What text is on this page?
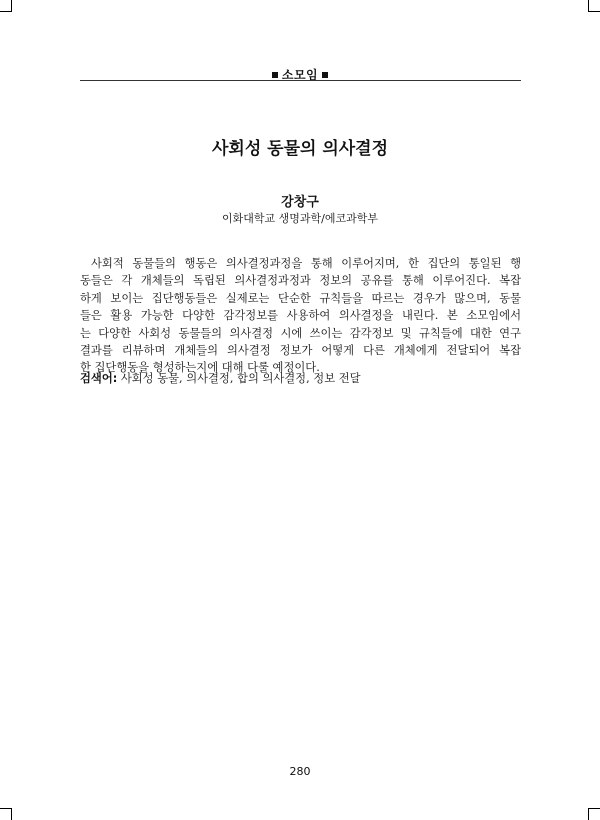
소모임
사회성 동물의 의사결정
강창구
이화대학교 생명과학/에코과학부
사회적 동물들의 행동은 의사결정과정을 통해 이루어지며, 한 집단의 통일된 행
동들은 각 개체들의 독립된 의사결정과정과 정보의 공유를 통해 이루어진다. 복잡
하게 보이는 집단행동들은 실제로는 단순한 규칙들을 따르는 경우가 많으며, 동물
들은 활용 가능한 다양한 감각정보를 사용하여 의사결정을 내린다. 본 소모임에서
는 다양한 사회성 동물들의 의사결정 시에 쓰이는 감각정보 및 규칙들에 대한 연구
결과를 리뷰하며 개체들의 의사결정 정보가 어떻게 다른 개체에게 전달되어 복잡
한 집단행동을 형성하는지에 대해 다룰 예정이다.
검색어: 사회성 동물, 의사결정, 합의 의사결정, 정보 전달
280
